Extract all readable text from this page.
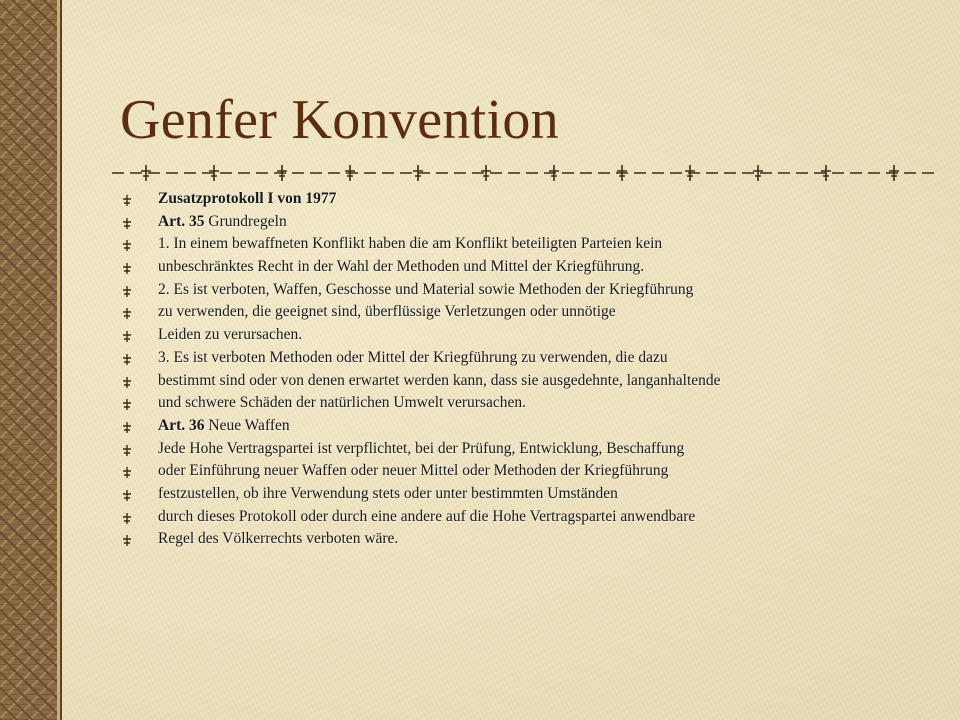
Genfer Konvention
Zusatzprotokoll I von 1977
Art. 35 Grundregeln
1. In einem bewaffneten Konflikt haben die am Konflikt beteiligten Parteien kein
unbeschränktes Recht in der Wahl der Methoden und Mittel der Kriegführung.
2. Es ist verboten, Waffen, Geschosse und Material sowie Methoden der Kriegführung
zu verwenden, die geeignet sind, überflüssige Verletzungen oder unnötige
Leiden zu verursachen.
3. Es ist verboten Methoden oder Mittel der Kriegführung zu verwenden, die dazu
bestimmt sind oder von denen erwartet werden kann, dass sie ausgedehnte, langanhaltende
und schwere Schäden der natürlichen Umwelt verursachen.
Art. 36 Neue Waffen
Jede Hohe Vertragspartei ist verpflichtet, bei der Prüfung, Entwicklung, Beschaffung
oder Einführung neuer Waffen oder neuer Mittel oder Methoden der Kriegführung
festzustellen, ob ihre Verwendung stets oder unter bestimmten Umständen
durch dieses Protokoll oder durch eine andere auf die Hohe Vertragspartei anwendbare
Regel des Völkerrechts verboten wäre.
